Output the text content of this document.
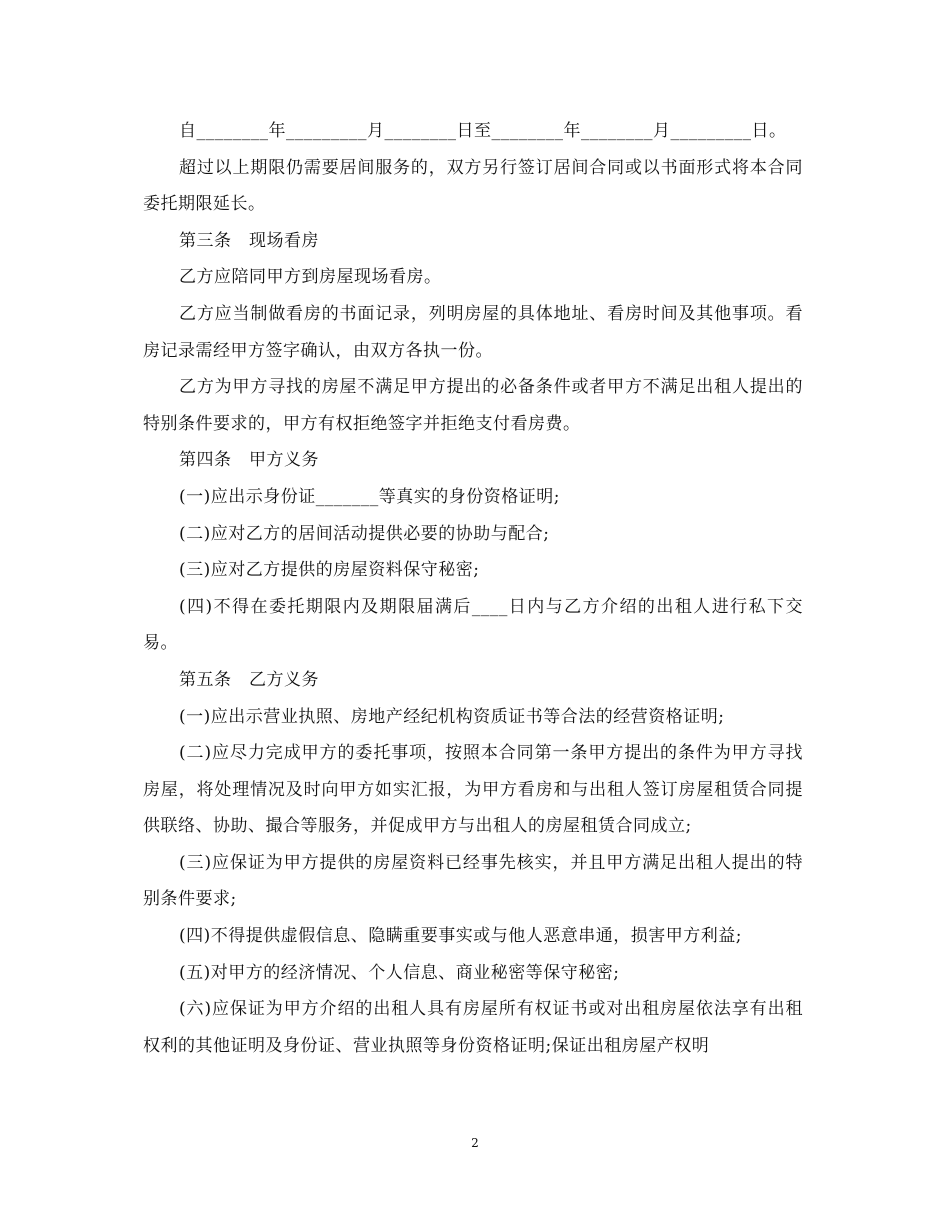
自________年_________月________日至________年________月_________日。

超过以上期限仍需要居间服务的，双方另行签订居间合同或以书面形式将本合同委托期限延长。

第三条　现场看房

乙方应陪同甲方到房屋现场看房。

乙方应当制做看房的书面记录，列明房屋的具体地址、看房时间及其他事项。看房记录需经甲方签字确认，由双方各执一份。

乙方为甲方寻找的房屋不满足甲方提出的必备条件或者甲方不满足出租人提出的特别条件要求的，甲方有权拒绝签字并拒绝支付看房费。

第四条　甲方义务

(一)应出示身份证_______等真实的身份资格证明;

(二)应对乙方的居间活动提供必要的协助与配合;

(三)应对乙方提供的房屋资料保守秘密;

(四)不得在委托期限内及期限届满后____日内与乙方介绍的出租人进行私下交易。

第五条　乙方义务

(一)应出示营业执照、房地产经纪机构资质证书等合法的经营资格证明;

(二)应尽力完成甲方的委托事项，按照本合同第一条甲方提出的条件为甲方寻找房屋，将处理情况及时向甲方如实汇报，为甲方看房和与出租人签订房屋租赁合同提供联络、协助、撮合等服务，并促成甲方与出租人的房屋租赁合同成立;

(三)应保证为甲方提供的房屋资料已经事先核实，并且甲方满足出租人提出的特别条件要求;

(四)不得提供虚假信息、隐瞒重要事实或与他人恶意串通，损害甲方利益;

(五)对甲方的经济情况、个人信息、商业秘密等保守秘密;

(六)应保证为甲方介绍的出租人具有房屋所有权证书或对出租房屋依法享有出租权利的其他证明及身份证、营业执照等身份资格证明;保证出租房屋产权明

2
